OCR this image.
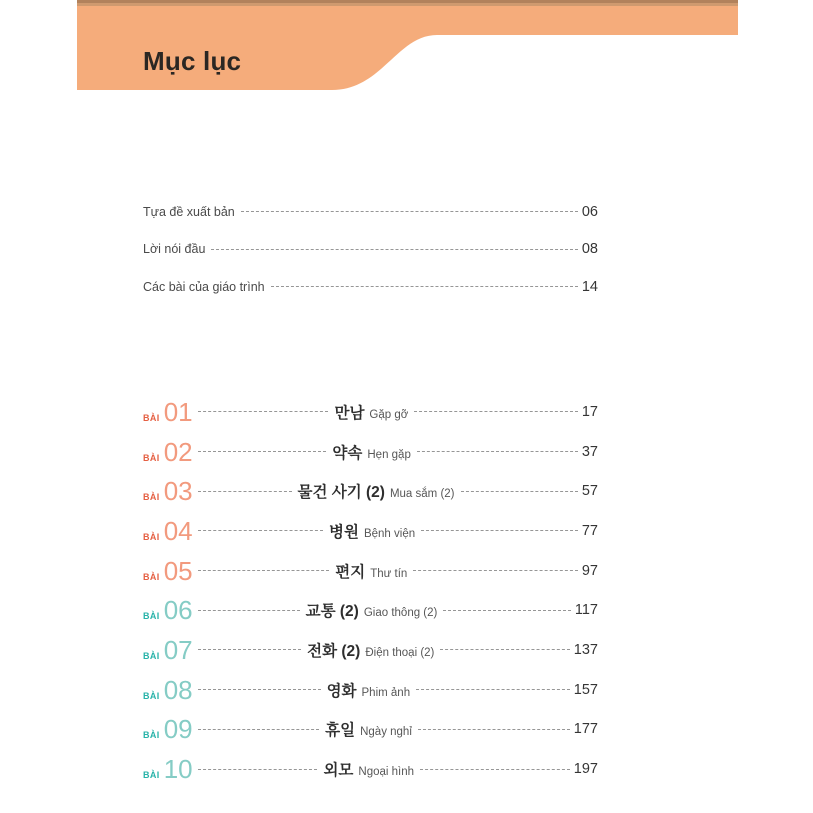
Mục lục
Tựa đề xuất bản	06
Lời nói đầu	08
Các bài của giáo trình	14
BÀI 01	만남 Gặp gỡ	17
BÀI 02	약속 Hẹn gặp	37
BÀI 03	물건 사기 (2) Mua sắm (2)	57
BÀI 04	병원 Bệnh viện	77
BÀI 05	편지 Thư tín	97
BÀI 06	교통 (2) Giao thông (2)	117
BÀI 07	전화 (2) Điện thoại (2)	137
BÀI 08	영화 Phim ảnh	157
BÀI 09	휴일 Ngày nghỉ	177
BÀI 10	외모 Ngoại hình	197
